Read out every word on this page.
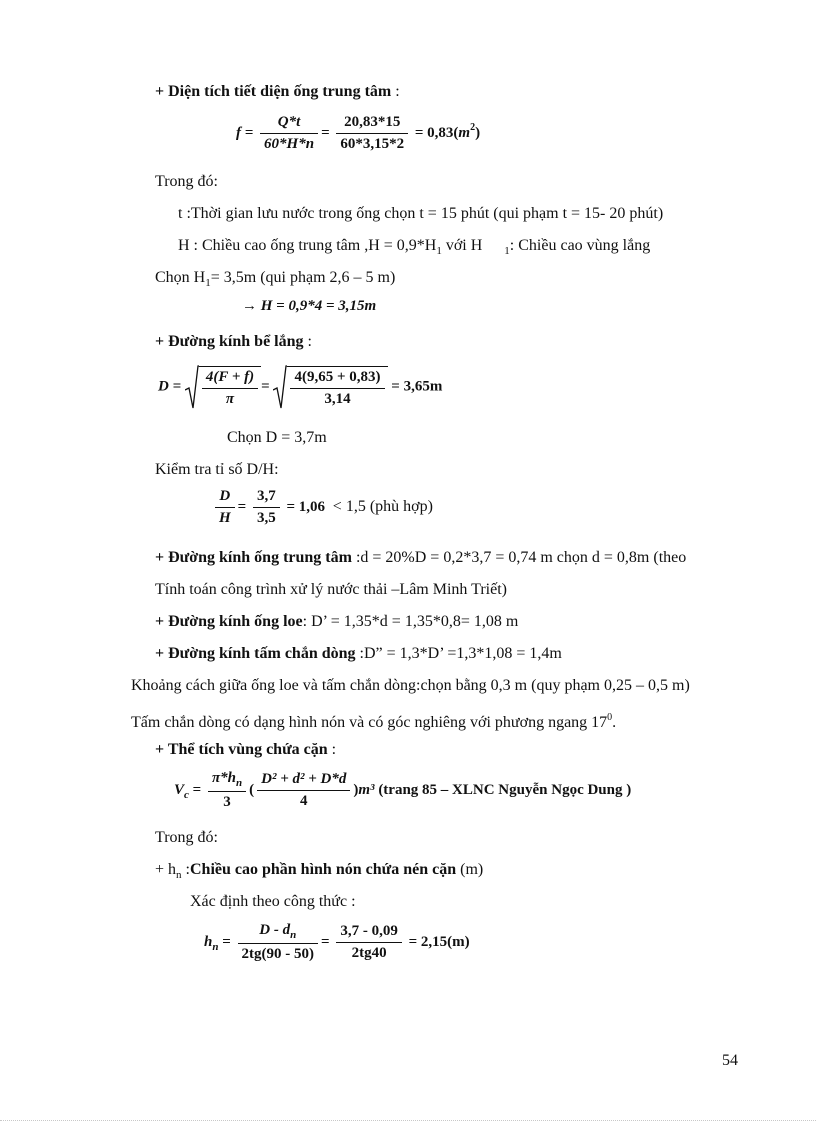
+ Diện tích tiết diện ống trung tâm :
$f = \frac{Q*t}{60*H*n} = \frac{20,83*15}{60*3,15*2} = 0,83(m^2)$
Trong đó:
t :Thời gian lưu nước trong ống chọn t = 15 phút (qui phạm t = 15- 20 phút)
H : Chiều cao ống trung tâm $,H = 0,9*H_1$ với H $_1$: Chiều cao vùng lắng
Chọn $H_1= 3,5m$ (qui phạm 2,6 – 5 m)
→ H = 0,9*4 = 3,15m
+ Đường kính bể lắng :
$D = \frac{4(F + f)}{\pi} = \frac{4(9,65 + 0,83)}{3,14} = 3,65m$
Chọn D = 3,7m
Kiểm tra tỉ số D/H:
$\frac{D}{H} = \frac{3,7}{3,5} = 1,06 < 1,5$ (phù hợp)
+ Đường kính ống trung tâm :d = 20%D = 0,2*3,7 = 0,74 m chọn d = 0,8m (theo
Tính toán công trình xử lý nước thải –Lâm Minh Triết)
+ Đường kính ống loe: D’ = 1,35*d = 1,35*0,8= 1,08 m
+ Đường kính tấm chắn dòng :D” = 1,3*D’ =1,3*1,08 = 1,4m
Khoảng cách giữa ống loe và tấm chắn dòng:chọn bằng 0,3 m (quy phạm 0,25 – 0,5 m)
Tấm chắn dòng có dạng hình nón và có góc nghiêng với phương ngang $17^0$.
+ Thể tích vùng chứa cặn :
$V_c = \frac{\pi*h_n}{3}$ ( $\frac{\text{D² + d² + D*d}}{4} )m^3$ (trang 85 – XLNC Nguyễn Ngọc Dung )
Trong đó:
+ $h_n$ :Chiều cao phần hình nón chứa nén cặn (m)
Xác định theo công thức :
$h_n = \frac{D - d_n}{2tg(90 - 50)} = \frac{3,7 - 0,09}{2tg40} = 2,15(m)$
54
